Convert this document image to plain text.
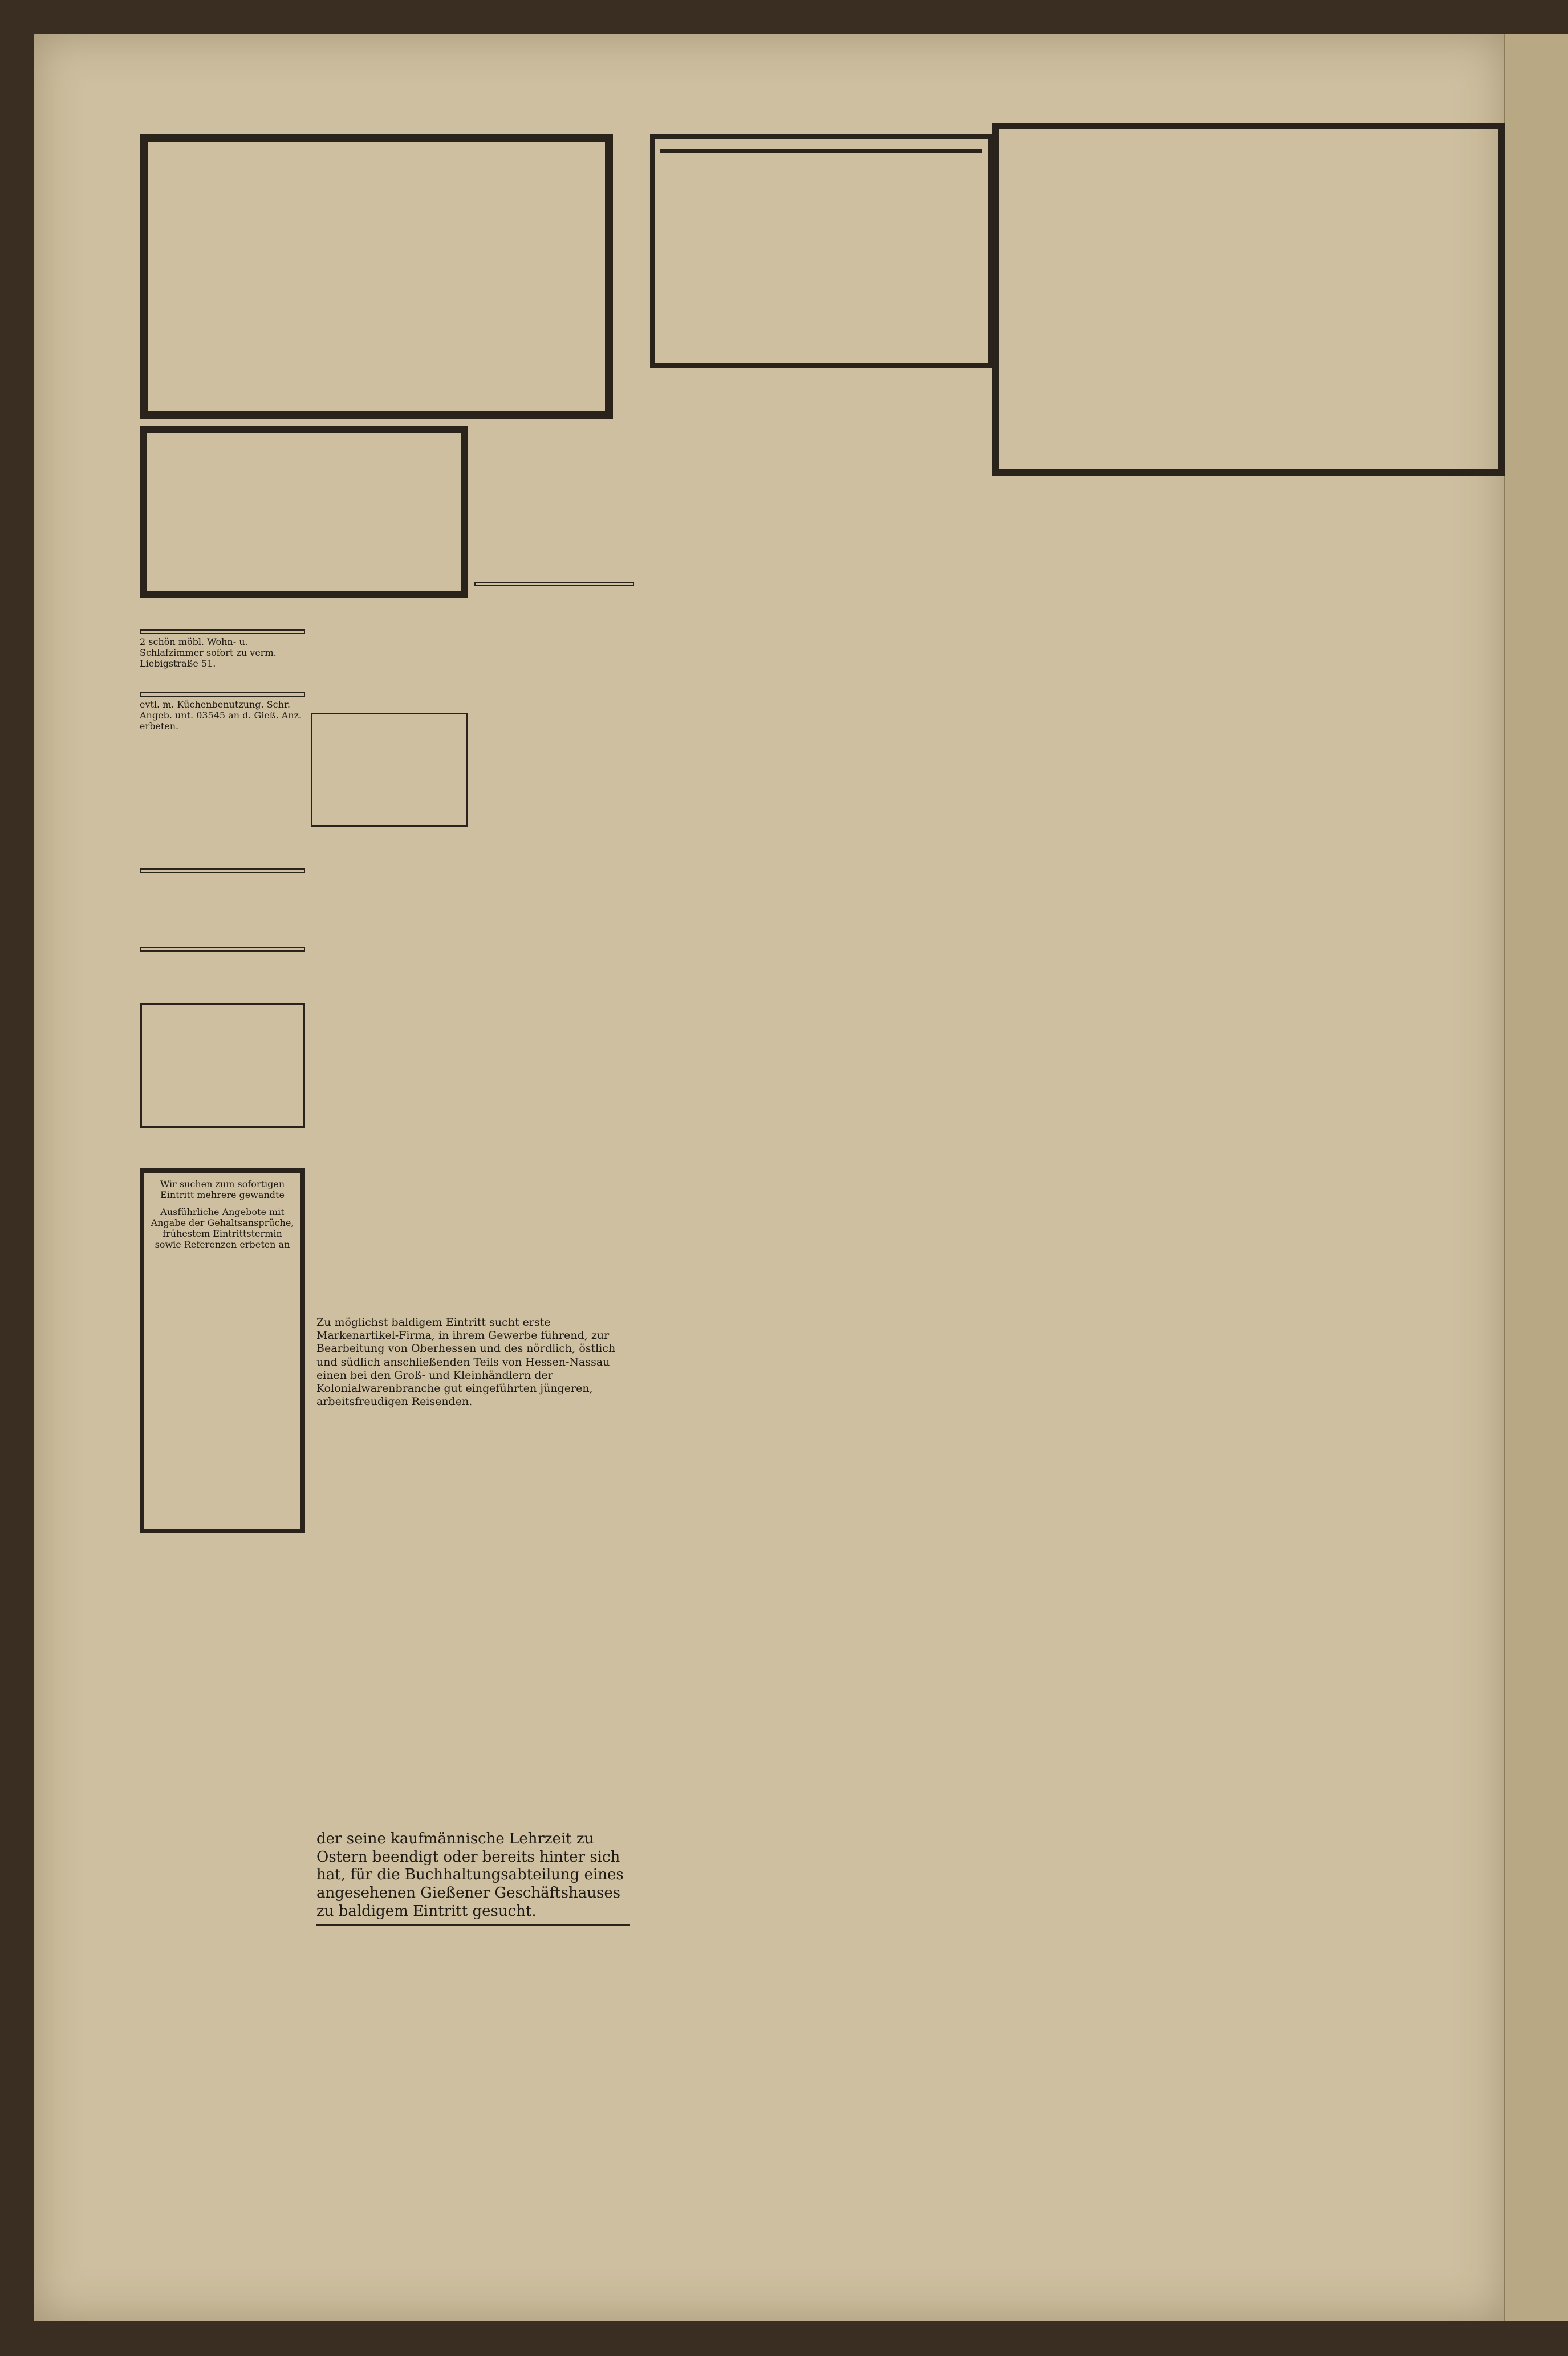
2 schön möbl. Wohn- u. Schlafzimmer sofort zu verm. Liebigstraße 51.

evtl. m. Küchenbenutzung. Schr. Angeb. unt. 03545 an d. Gieß. Anz. erbeten.

Wir suchen zum sofortigen Eintritt mehrere gewandte

Ausführliche Angebote mit Angabe der Gehaltsansprüche, frühestem Eintrittstermin sowie Referenzen erbeten an

Zu möglichst baldigem Eintritt sucht erste Markenartikel-Firma, in ihrem Gewerbe führend, zur Bearbeitung von Oberhessen und des nördlich, östlich und südlich anschließenden Teils von Hessen-Nassau einen bei den Groß- und Kleinhändlern der Kolonialwarenbranche gut eingeführten jüngeren, arbeitsfreudigen Reisenden.

der seine kaufmännische Lehrzeit zu Ostern beendigt oder bereits hinter sich hat, für die Buchhaltungsabteilung eines angesehenen Gießener Geschäftshauses zu baldigem Eintritt gesucht.
